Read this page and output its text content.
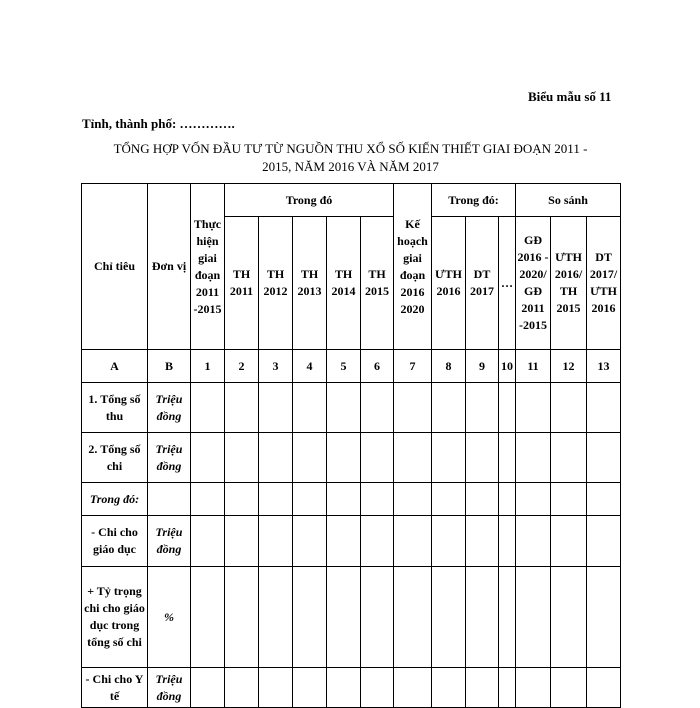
Biểu mẫu số 11
Tỉnh, thành phố: ………….
TỔNG HỢP VỐN ĐẦU TƯ TỪ NGUỒN THU XỔ SỐ KIẾN THIẾT GIAI ĐOẠN 2011 -
2015, NĂM 2016 VÀ NĂM 2017
Chỉ tiêu	Đơn vị	Thực hiện giai đoạn 2011 -2015	Trong đó					Kế hoạch giai đoạn 2016 2020	Trong đó:			So sánh		
			TH 2011	TH 2012	TH 2013	TH 2014	TH 2015		ƯTH 2016	DT 2017	…	GĐ 2016 - 2020/ GĐ 2011 -2015	ƯTH 2016/ TH 2015	DT 2017/ ƯTH 2016
A	B	1	2	3	4	5	6	7	8	9	10	11	12	13
1. Tổng số thu	Triệu đồng													
2. Tổng số chi	Triệu đồng													
Trong đó:														
- Chi cho giáo dục	Triệu đồng													
+ Tỷ trọng chi cho giáo dục trong tổng số chi	%													
- Chi cho Y tế	Triệu đồng													
